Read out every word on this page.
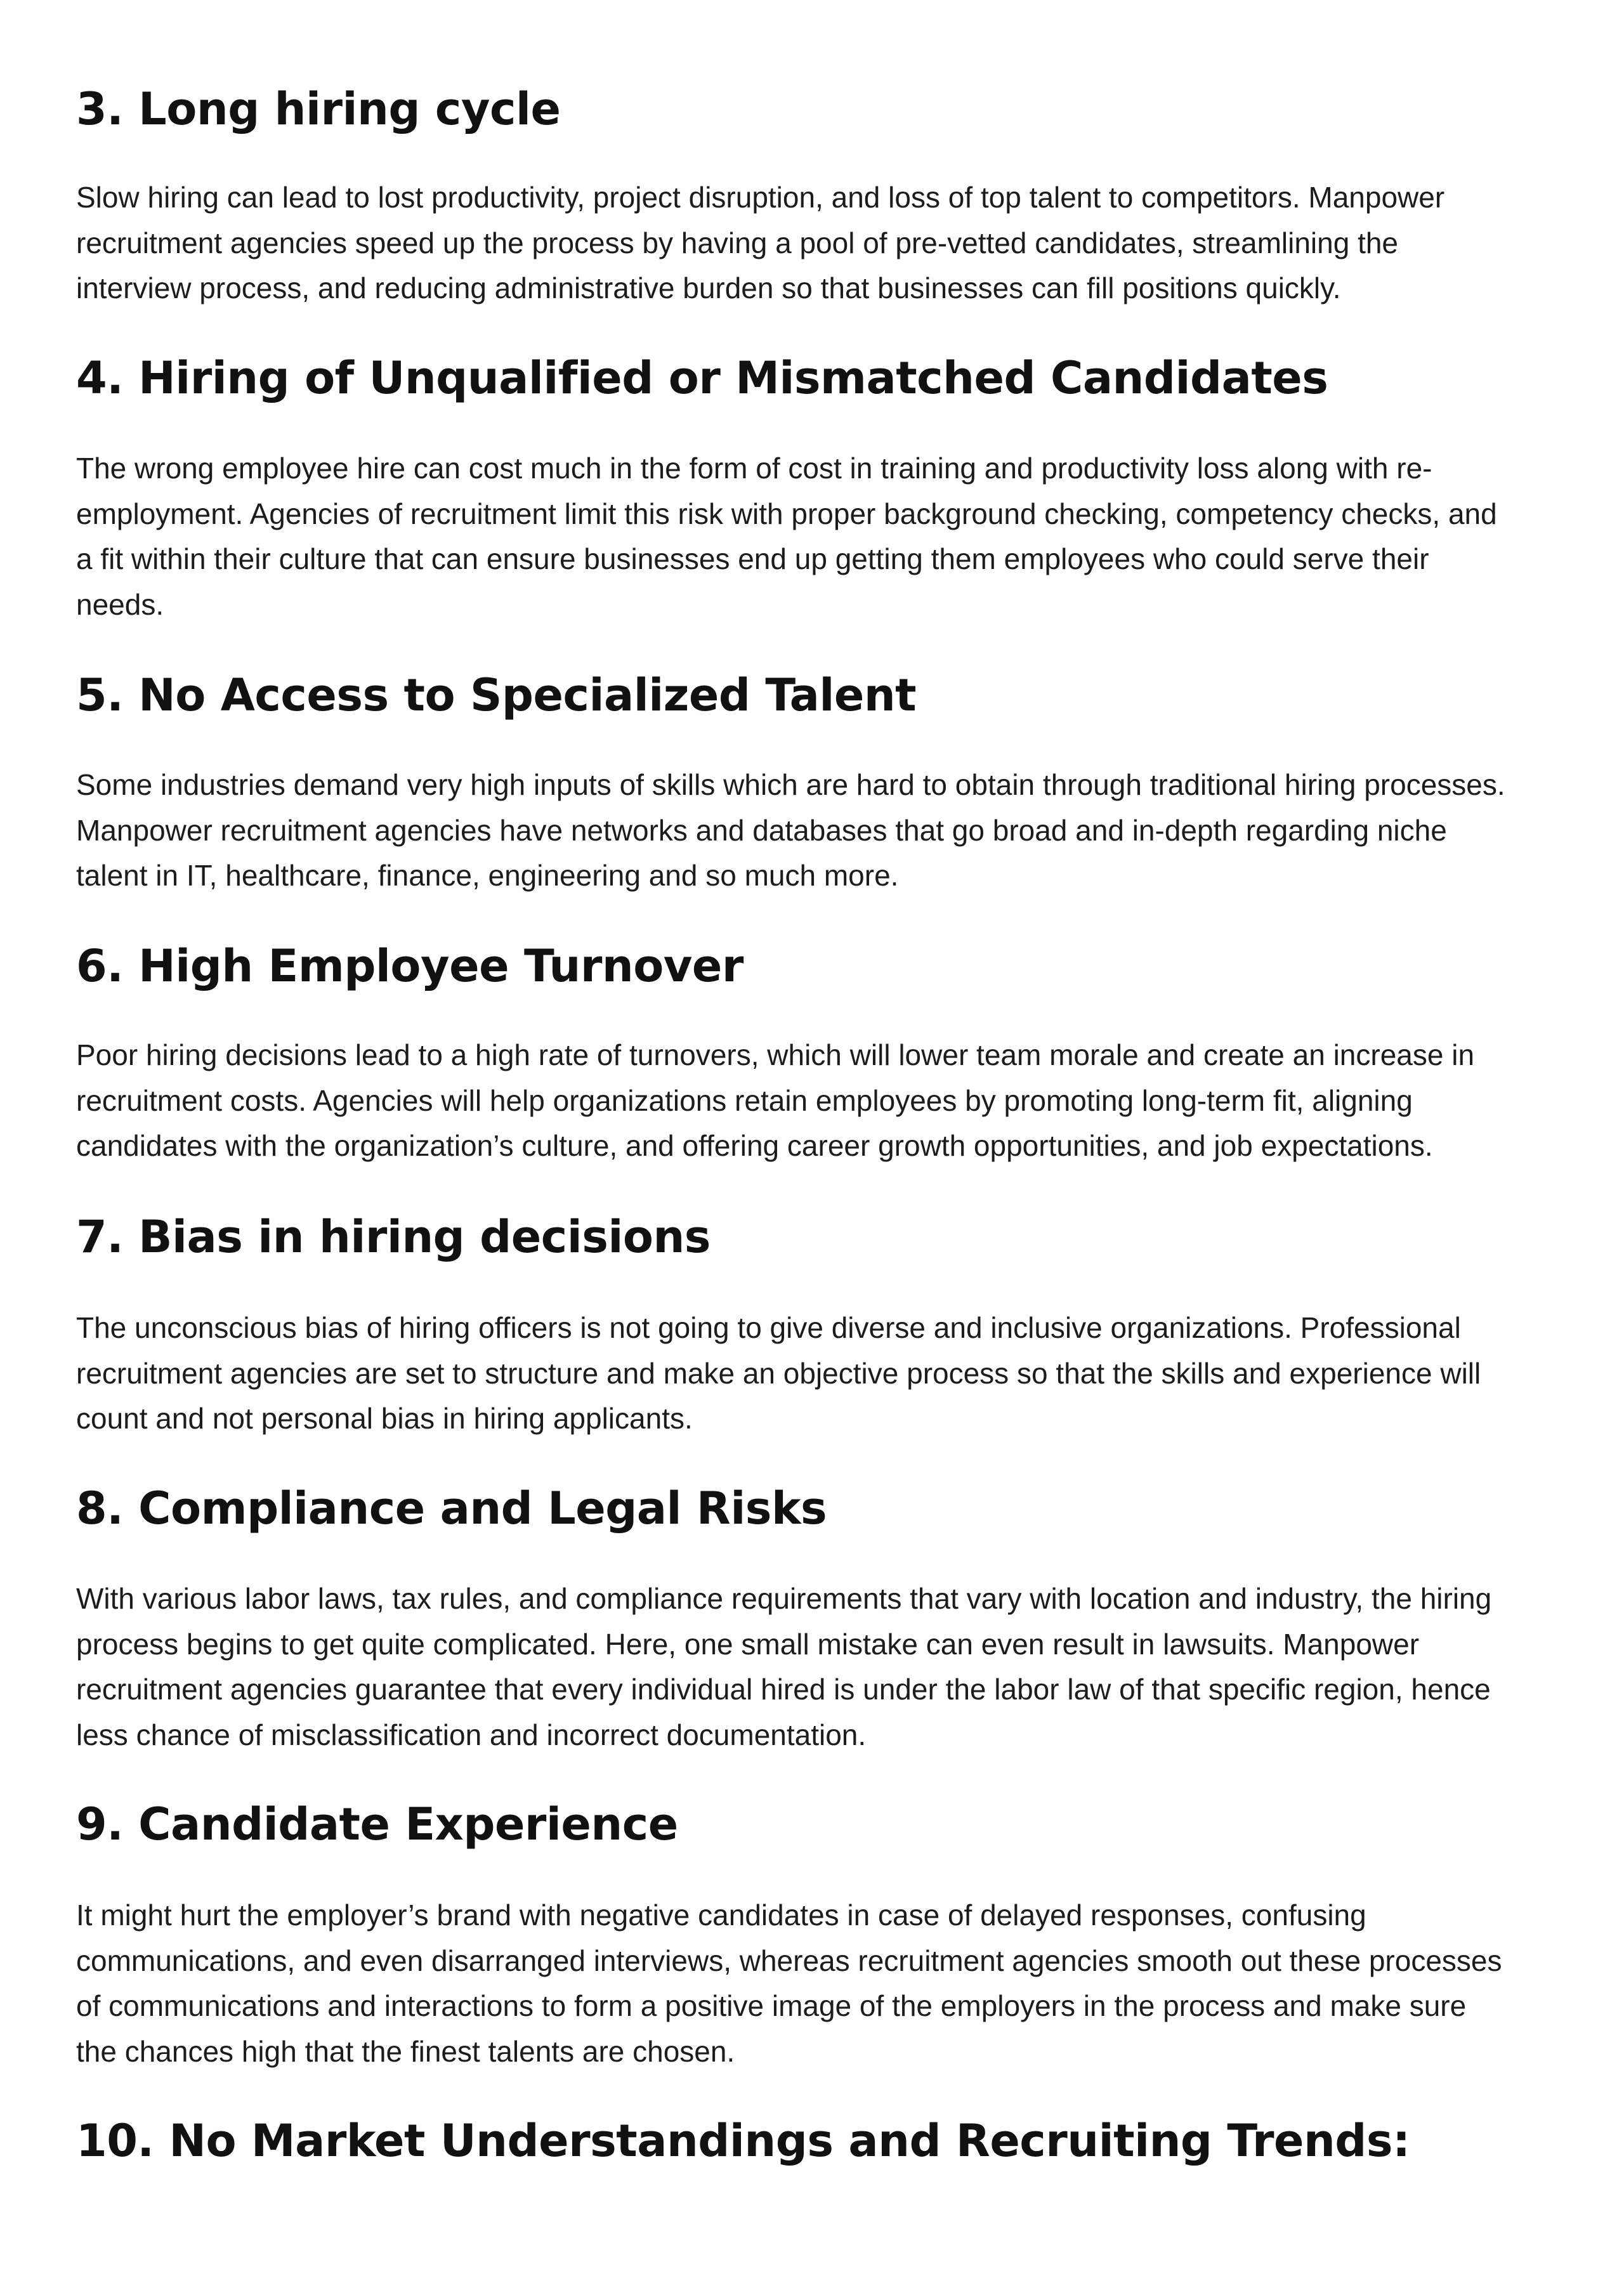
3. Long hiring cycle

Slow hiring can lead to lost productivity, project disruption, and loss of top talent to competitors. Manpower
recruitment agencies speed up the process by having a pool of pre-vetted candidates, streamlining the
interview process, and reducing administrative burden so that businesses can fill positions quickly.

4. Hiring of Unqualified or Mismatched Candidates

The wrong employee hire can cost much in the form of cost in training and productivity loss along with re-
employment. Agencies of recruitment limit this risk with proper background checking, competency checks, and
a fit within their culture that can ensure businesses end up getting them employees who could serve their
needs.

5. No Access to Specialized Talent

Some industries demand very high inputs of skills which are hard to obtain through traditional hiring processes.
Manpower recruitment agencies have networks and databases that go broad and in-depth regarding niche
talent in IT, healthcare, finance, engineering and so much more.

6. High Employee Turnover

Poor hiring decisions lead to a high rate of turnovers, which will lower team morale and create an increase in
recruitment costs. Agencies will help organizations retain employees by promoting long-term fit, aligning
candidates with the organization’s culture, and offering career growth opportunities, and job expectations.

7. Bias in hiring decisions

The unconscious bias of hiring officers is not going to give diverse and inclusive organizations. Professional
recruitment agencies are set to structure and make an objective process so that the skills and experience will
count and not personal bias in hiring applicants.

8. Compliance and Legal Risks

With various labor laws, tax rules, and compliance requirements that vary with location and industry, the hiring
process begins to get quite complicated. Here, one small mistake can even result in lawsuits. Manpower
recruitment agencies guarantee that every individual hired is under the labor law of that specific region, hence
less chance of misclassification and incorrect documentation.

9. Candidate Experience

It might hurt the employer’s brand with negative candidates in case of delayed responses, confusing
communications, and even disarranged interviews, whereas recruitment agencies smooth out these processes
of communications and interactions to form a positive image of the employers in the process and make sure
the chances high that the finest talents are chosen.

10. No Market Understandings and Recruiting Trends:
